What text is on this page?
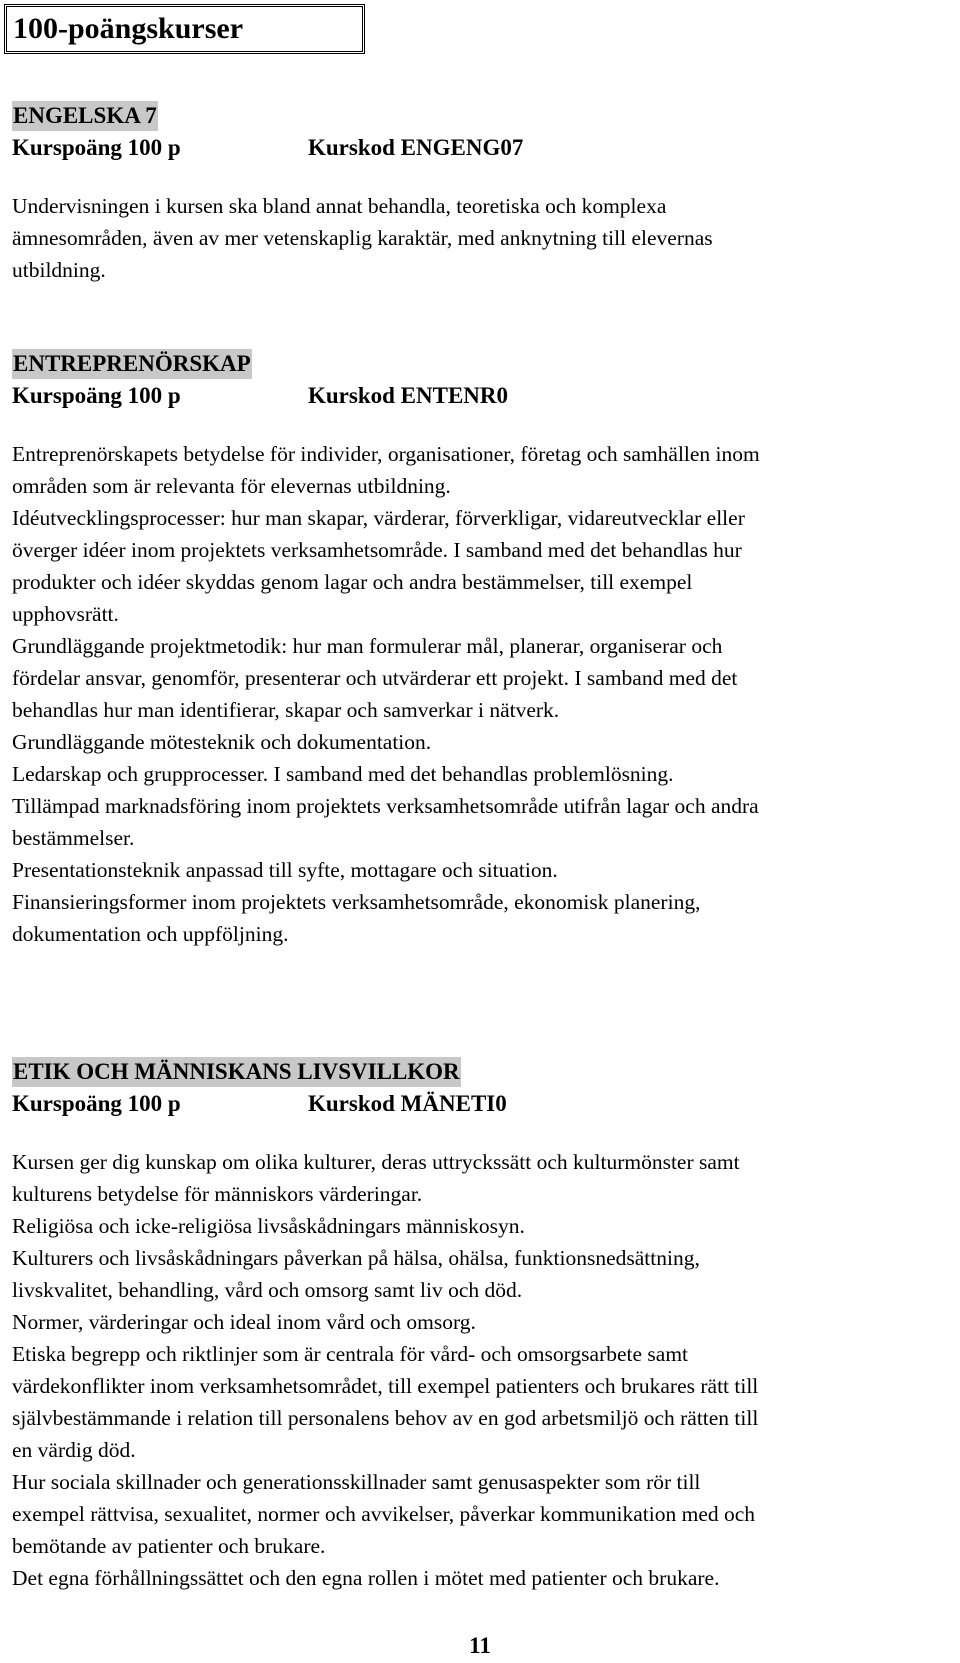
100-poängskurser
ENGELSKA 7
Kurspoäng 100 p	Kurskod ENGENG07

Undervisningen i kursen ska bland annat behandla, teoretiska och komplexa

ämnesområden, även av mer vetenskaplig karaktär, med anknytning till elevernas

utbildning.

ENTREPRENÖRSKAP
Kurspoäng 100 p	Kurskod ENTENR0

Entreprenörskapets betydelse för individer, organisationer, företag och samhällen inom

områden som är relevanta för elevernas utbildning.

Idéutvecklingsprocesser: hur man skapar, värderar, förverkligar, vidareutvecklar eller

överger idéer inom projektets verksamhetsområde. I samband med det behandlas hur

produkter och idéer skyddas genom lagar och andra bestämmelser, till exempel

upphovsrätt.

Grundläggande projektmetodik: hur man formulerar mål, planerar, organiserar och

fördelar ansvar, genomför, presenterar och utvärderar ett projekt. I samband med det

behandlas hur man identifierar, skapar och samverkar i nätverk.

Grundläggande mötesteknik och dokumentation.

Ledarskap och grupprocesser. I samband med det behandlas problemlösning.

Tillämpad marknadsföring inom projektets verksamhetsområde utifrån lagar och andra

bestämmelser.

Presentationsteknik anpassad till syfte, mottagare och situation.

Finansieringsformer inom projektets verksamhetsområde, ekonomisk planering,

dokumentation och uppföljning.

ETIK OCH MÄNNISKANS LIVSVILLKOR
Kurspoäng 100 p	Kurskod MÄNETI0

Kursen ger dig kunskap om olika kulturer, deras uttryckssätt och kulturmönster samt

kulturens betydelse för människors värderingar.

Religiösa och icke-religiösa livsåskådningars människosyn.

Kulturers och livsåskådningars påverkan på hälsa, ohälsa, funktionsnedsättning,

livskvalitet, behandling, vård och omsorg samt liv och död.

Normer, värderingar och ideal inom vård och omsorg.

Etiska begrepp och riktlinjer som är centrala för vård- och omsorgsarbete samt

värdekonflikter inom verksamhetsområdet, till exempel patienters och brukares rätt till

självbestämmande i relation till personalens behov av en god arbetsmiljö och rätten till

en värdig död.

Hur sociala skillnader och generationsskillnader samt genusaspekter som rör till

exempel rättvisa, sexualitet, normer och avvikelser, påverkar kommunikation med och

bemötande av patienter och brukare.

Det egna förhållningssättet och den egna rollen i mötet med patienter och brukare.

11
